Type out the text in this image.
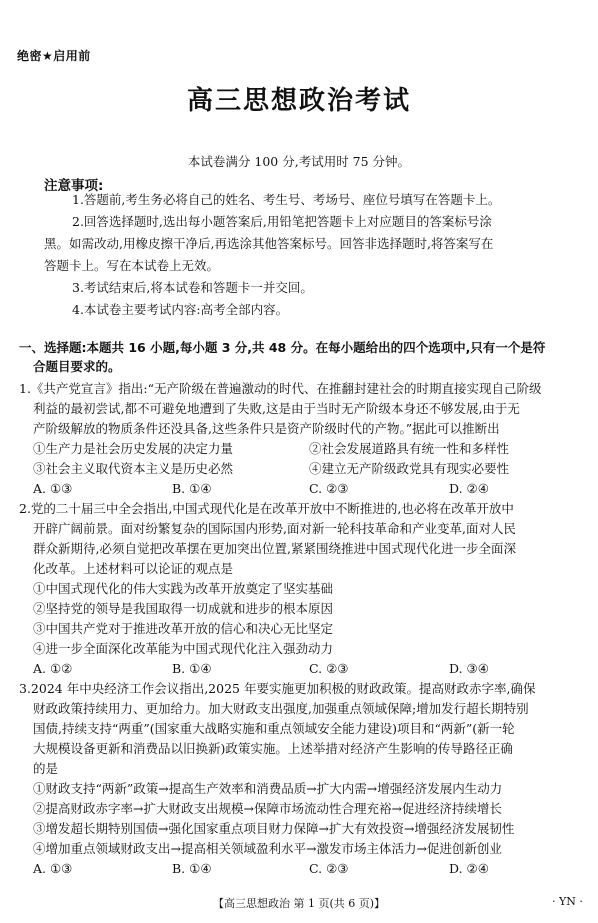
绝密★启用前
高三思想政治考试
本试卷满分 100 分,考试用时 75 分钟。
注意事项:
1.答题前,考生务必将自己的姓名、考生号、考场号、座位号填写在答题卡上。
2.回答选择题时,选出每小题答案后,用铅笔把答题卡上对应题目的答案标号涂
黑。如需改动,用橡皮擦干净后,再选涂其他答案标号。回答非选择题时,将答案写在
答题卡上。写在本试卷上无效。
3.考试结束后,将本试卷和答题卡一并交回。
4.本试卷主要考试内容:高考全部内容。
一、选择题:本题共 16 小题,每小题 3 分,共 48 分。在每小题给出的四个选项中,只有一个是符
合题目要求的。
1.《共产党宣言》指出:“无产阶级在普遍激动的时代、在推翻封建社会的时期直接实现自己阶级
利益的最初尝试,都不可避免地遭到了失败,这是由于当时无产阶级本身还不够发展,由于无
产阶级解放的物质条件还没具备,这些条件只是资产阶级时代的产物。”据此可以推断出
①生产力是社会历史发展的决定力量	②社会发展道路具有统一性和多样性
③社会主义取代资本主义是历史必然	④建立无产阶级政党具有现实必要性
A. ①③	B. ①④	C. ②③	D. ②④
2.党的二十届三中全会指出,中国式现代化是在改革开放中不断推进的,也必将在改革开放中
开辟广阔前景。面对纷繁复杂的国际国内形势,面对新一轮科技革命和产业变革,面对人民
群众新期待,必须自觉把改革摆在更加突出位置,紧紧围绕推进中国式现代化进一步全面深
化改革。上述材料可以论证的观点是
①中国式现代化的伟大实践为改革开放奠定了坚实基础
②坚持党的领导是我国取得一切成就和进步的根本原因
③中国共产党对于推进改革开放的信心和决心无比坚定
④进一步全面深化改革能为中国式现代化注入强劲动力
A. ①②	B. ①④	C. ②③	D. ③④
3.2024 年中央经济工作会议指出,2025 年要实施更加积极的财政政策。提高财政赤字率,确保
财政政策持续用力、更加给力。加大财政支出强度,加强重点领域保障;增加发行超长期特别
国债,持续支持“两重”(国家重大战略实施和重点领域安全能力建设)项目和“两新”(新一轮
大规模设备更新和消费品以旧换新)政策实施。上述举措对经济产生影响的传导路径正确
的是
①财政支持“两新”政策→提高生产效率和消费品质→扩大内需→增强经济发展内生动力
②提高财政赤字率→扩大财政支出规模→保障市场流动性合理充裕→促进经济持续增长
③增发超长期特别国债→强化国家重点项目财力保障→扩大有效投资→增强经济发展韧性
④增加重点领域财政支出→提高相关领域盈利水平→激发市场主体活力→促进创新创业
A. ①③	B. ①④	C. ②③	D. ②④
【高三思想政治 第 1 页(共 6 页)】	· YN ·
